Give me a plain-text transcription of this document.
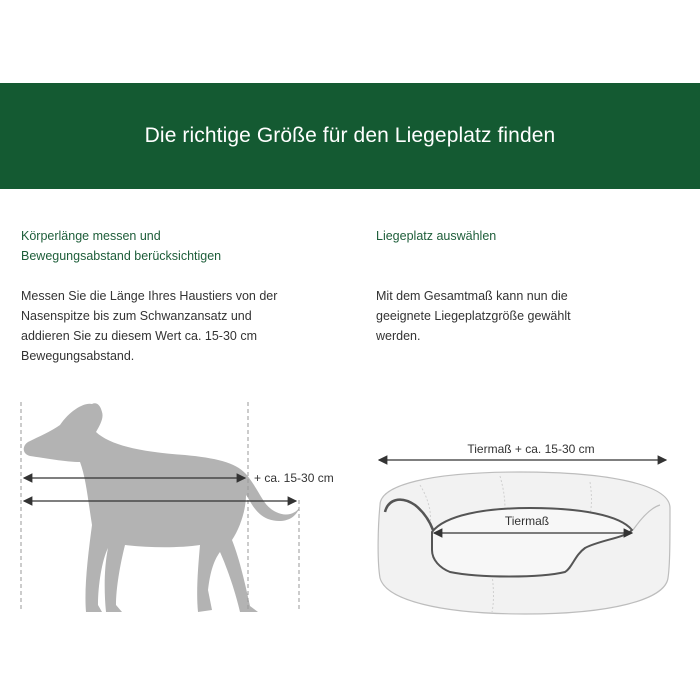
Die richtige Größe für den Liegeplatz finden
Körperlänge messen und
Bewegungsabstand berücksichtigen
Messen Sie die Länge Ihres Haustiers von der
Nasenspitze bis zum Schwanzansatz und
addieren Sie zu diesem Wert ca. 15-30 cm
Bewegungsabstand.
Liegeplatz auswählen
Mit dem Gesamtmaß kann nun die
geeignete Liegeplatzgröße gewählt
werden.
+ ca. 15-30 cm
Tiermaß + ca. 15-30 cm
Tiermaß
